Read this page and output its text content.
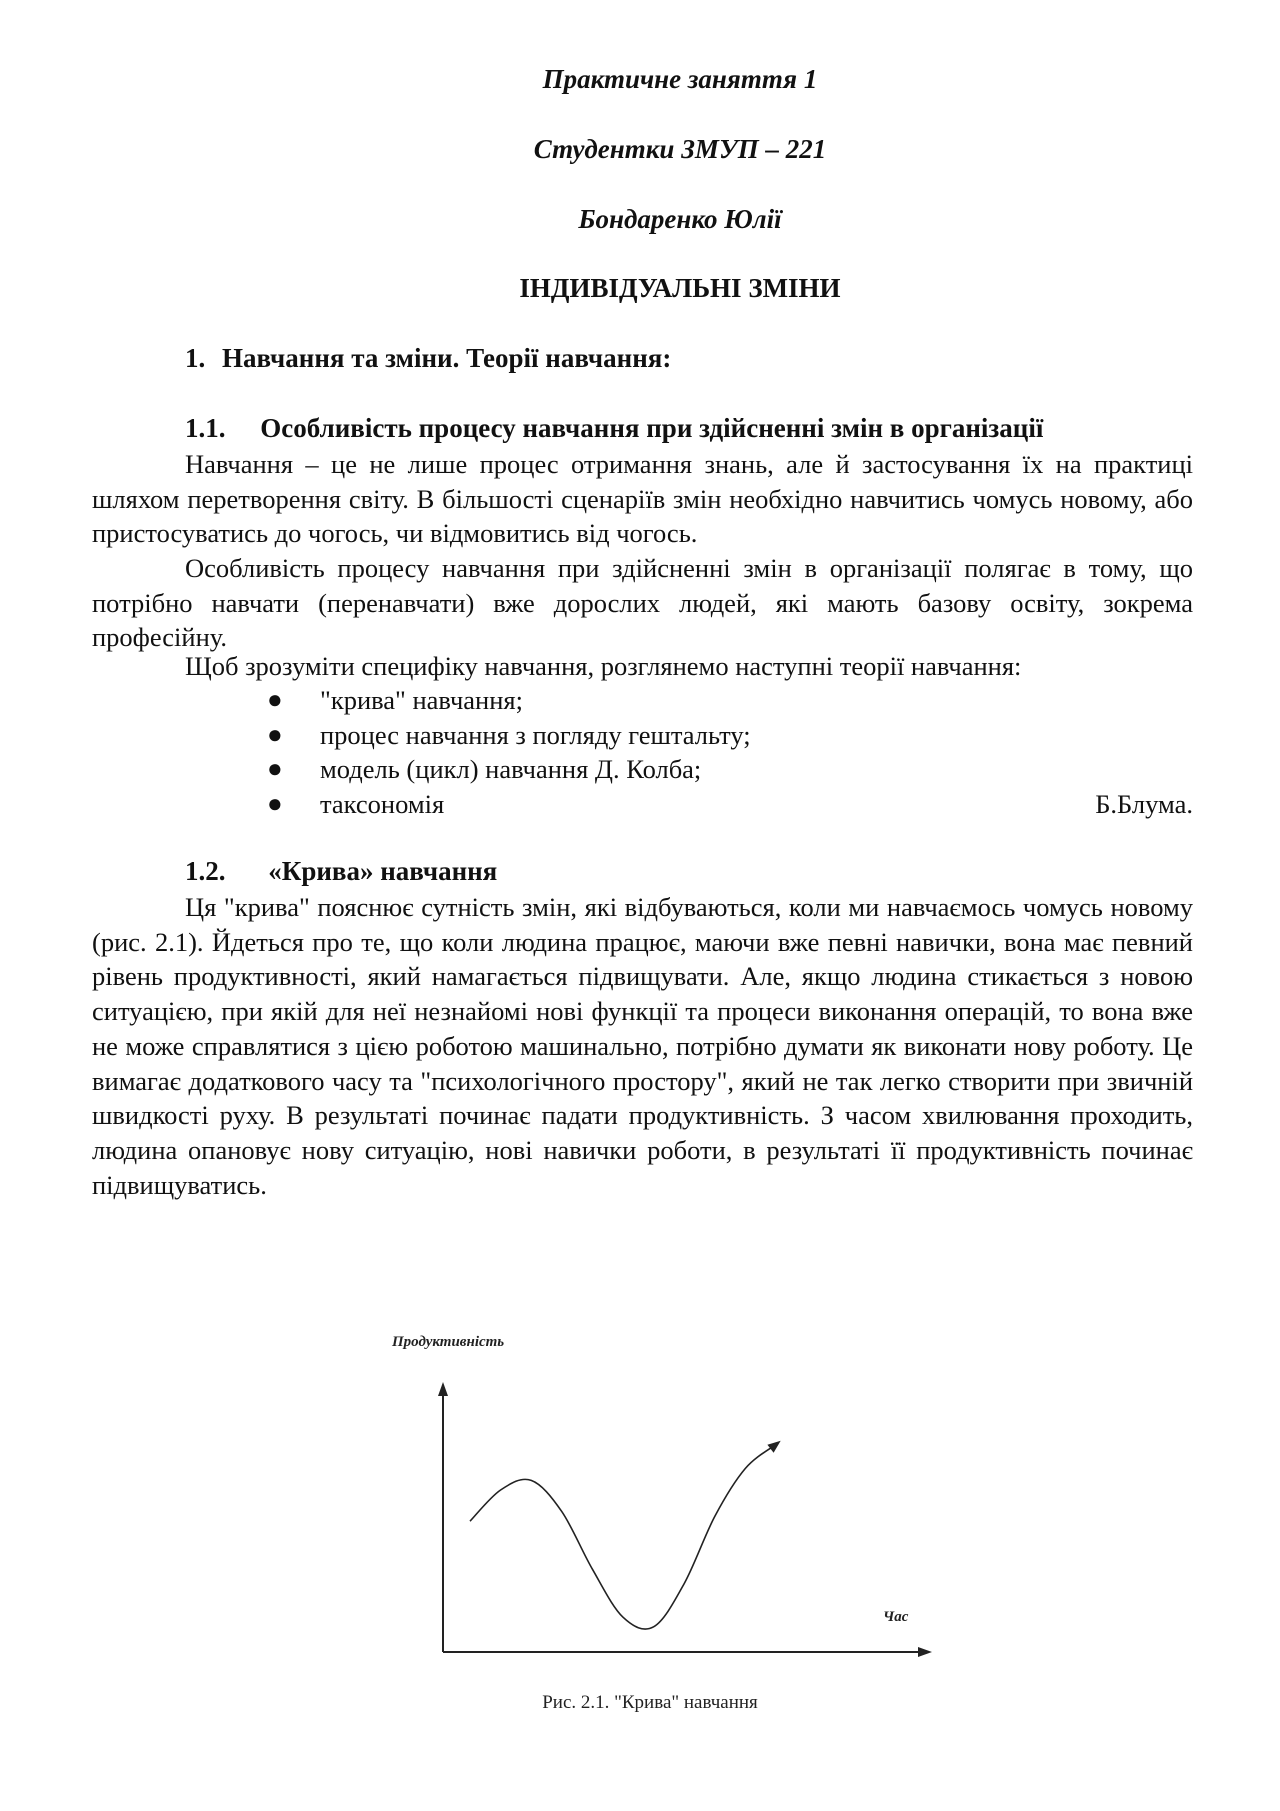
Практичне заняття 1
Студентки ЗМУП – 221
Бондаренко Юлії
ІНДИВІДУАЛЬНІ ЗМІНИ
1. Навчання та зміни. Теорії навчання:
1.1. Особливість процесу навчання при здійсненні змін в організації

Навчання – це не лише процес отримання знань, але й застосування їх на практиці шляхом перетворення світу. В більшості сценаріїв змін необхідно навчитись чомусь новому, або пристосуватись до чогось, чи відмовитись від чогось.

Особливість процесу навчання при здійсненні змін в організації полягає в тому, що потрібно навчати (перенавчати) вже дорослих людей, які мають базову освіту, зокрема професійну.

Щоб зрозуміти специфіку навчання, розглянемо наступні теорії навчання:

● "крива" навчання;
● процес навчання з погляду гештальту;
● модель (цикл) навчання Д. Колба;
● таксономія	Б.Блума.
1.2. «Крива» навчання

Ця "крива" пояснює сутність змін, які відбуваються, коли ми навчаємось чомусь новому (рис. 2.1). Йдеться про те, що коли людина працює, маючи вже певні навички, вона має певний рівень продуктивності, який намагається підвищувати. Але, якщо людина стикається з новою ситуацією, при якій для неї незнайомі нові функції та процеси виконання операцій, то вона вже не може справлятися з цією роботою машинально, потрібно думати як виконати нову роботу. Це вимагає додаткового часу та "психологічного простору", який не так легко створити при звичній швидкості руху. В результаті починає падати продуктивність. З часом хвилювання проходить, людина опановує нову ситуацію, нові навички роботи, в результаті її продуктивність починає підвищуватись.

Продуктивність
Час
Рис. 2.1. "Крива" навчання
